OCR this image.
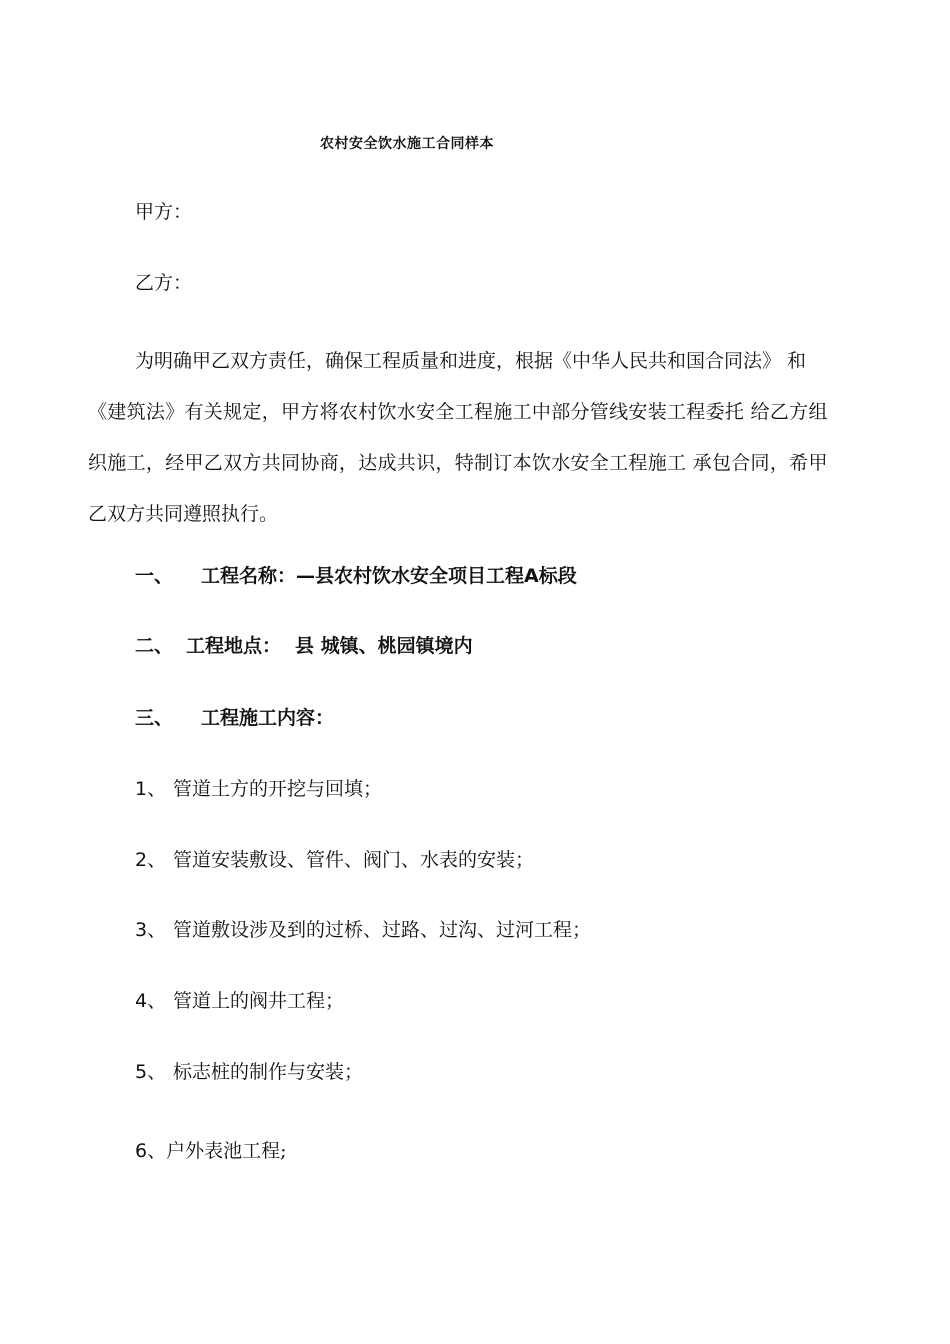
农村安全饮水施工合同样本
甲方：
乙方：
为明确甲乙双方责任，确保工程质量和进度，根据《中华人民共和国合同法》 和
《建筑法》有关规定，甲方将农村饮水安全工程施工中部分管线安装工程委托 给乙方组
织施工，经甲乙双方共同协商，达成共识，特制订本饮水安全工程施工 承包合同，希甲
乙双方共同遵照执行。
一、 工程名称：—县农村饮水安全项目工程A标段
二、 工程地点： 县 城镇、桃园镇境内
三、 工程施工内容：
1、 管道土方的开挖与回填；
2、 管道安装敷设、管件、阀门、水表的安装；
3、 管道敷设涉及到的过桥、过路、过沟、过河工程；
4、 管道上的阀井工程；
5、 标志桩的制作与安装；
6、户外表池工程;
